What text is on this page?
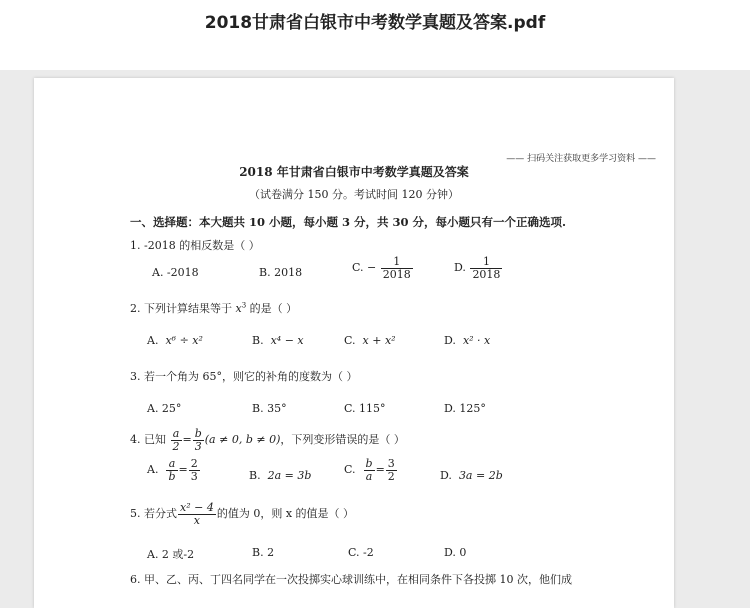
2018甘肃省白银市中考数学真题及答案.pdf
—— 扫码关注获取更多学习资料 ——
2018 年甘肃省白银市中考数学真题及答案
（试卷满分 150 分。考试时间 120 分钟）
一、选择题：本大题共 10 小题，每小题 3 分，共 30 分，每小题只有一个正确选项.
1. -2018 的相反数是（ ）
A. -2018	B. 2018	C. − $\frac{1}{2018}$	D. $\frac{1}{2018}$
2. 下列计算结果等于 $x^3$ 的是（ ）
A. x⁶ ÷ x²	B. x⁴ − x	C. x + x²	D. x² · x
3. 若一个角为 65°，则它的补角的度数为（ ）
A. 25°	B. 35°	C. 115°	D. 125°
4. 已知 $\frac{a}{2} = \frac{b}{3} (a \ne 0$, b ≠ 0)，下列变形错误的是（ ）
A. $\frac{a}{b} = \frac{2}{3}$	B. 2a = 3b	C. $\frac{b}{a} = \frac{3}{2}$	D. 3a = 2b
5. 若分式 $\frac{\text{x² − 4}}{x}$ 的值为 0，则 x 的值是（ ）
A. 2 或-2	B. 2	C. -2	D. 0
6. 甲、乙、丙、丁四名同学在一次投掷实心球训练中，在相同条件下各投掷 10 次，他们成
